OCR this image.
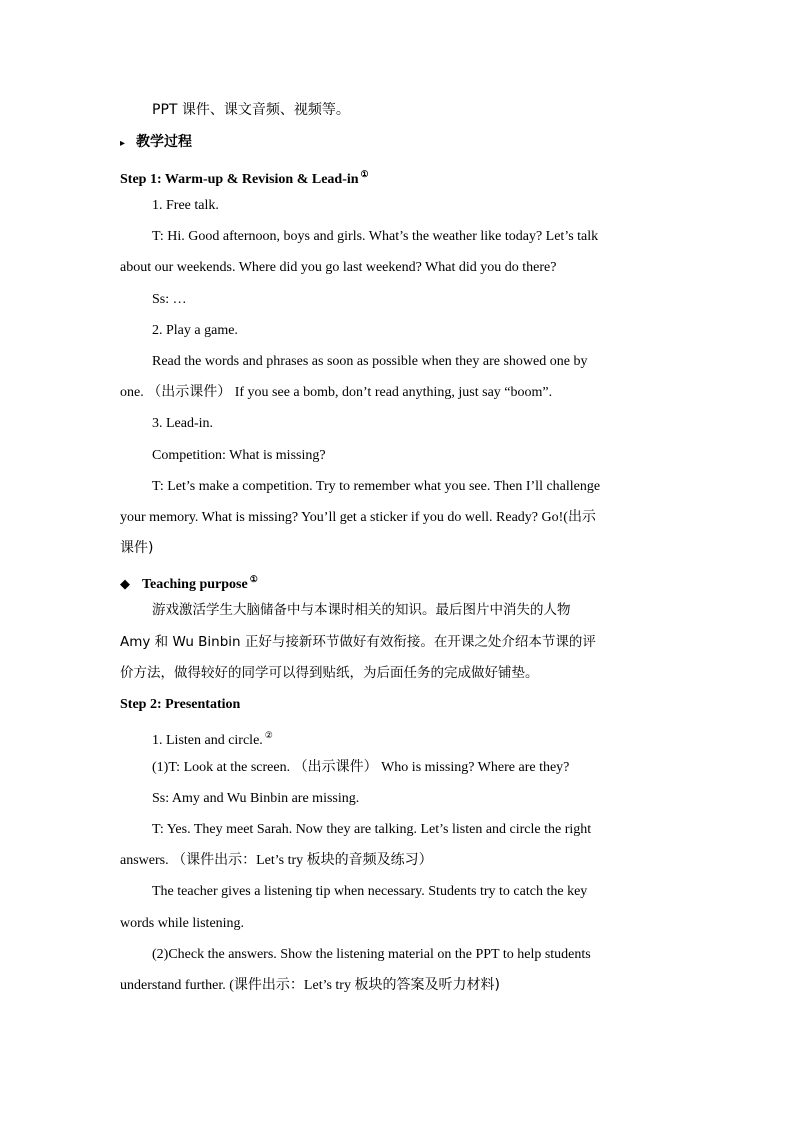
PPT 课件、课文音频、视频等。
▸ 教学过程
Step 1: Warm-up & Revision & Lead-in ①
1. Free talk.
T: Hi. Good afternoon, boys and girls. What’s the weather like today? Let’s talk
about our weekends. Where did you go last weekend? What did you do there?
Ss: …
2. Play a game.
Read the words and phrases as soon as possible when they are showed one by
one. （出示课件） If you see a bomb, don’t read anything, just say “boom”.
3. Lead-in.
Competition: What is missing?
T: Let’s make a competition. Try to remember what you see. Then I’ll challenge
your memory. What is missing? You’ll get a sticker if you do well. Ready? Go!(出示
课件)
◆ Teaching purpose ①
游戏激活学生大脑储备中与本课时相关的知识。最后图片中消失的人物
Amy 和 Wu Binbin 正好与接新环节做好有效衔接。在开课之处介绍本节课的评
价方法，做得较好的同学可以得到贴纸，为后面任务的完成做好铺垫。
Step 2: Presentation
1. Listen and circle. ②
(1)T: Look at the screen. （出示课件） Who is missing? Where are they?
Ss: Amy and Wu Binbin are missing.
T: Yes. They meet Sarah. Now they are talking. Let’s listen and circle the right
answers. （课件出示：Let’s try 板块的音频及练习）
The teacher gives a listening tip when necessary. Students try to catch the key
words while listening.
(2)Check the answers. Show the listening material on the PPT to help students
understand further. (课件出示：Let’s try 板块的答案及听力材料)
